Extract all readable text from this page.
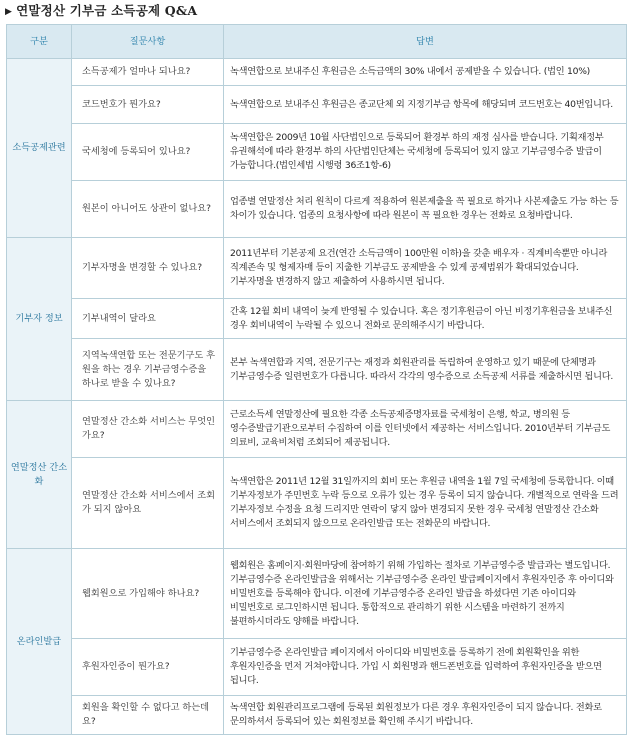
▶ 연말정산 기부금 소득공제 Q&A
구분	질문사항	답변
소득공제관련	소득공제가 얼마나 되나요?	녹색연합으로 보내주신 후원금은 소득금액의 30% 내에서 공제받을 수 있습니다. (법인 10%)
	코드번호가 뭔가요?	녹색연합으로 보내주신 후원금은 종교단체 외 지정기부금 항목에 해당되며 코드번호는 40번입니다.
	국세청에 등록되어 있나요?	녹색연합은 2009년 10월 사단법인으로 등록되어 환경부 하의 재정 심사를 받습니다. 기획재정부 유권해석에 따라 환경부 하의 사단법인단체는 국세청에 등록되어 있지 않고 기부금영수증 발급이 가능합니다.(법인세법 시행령 36조1항-6)
	원본이 아니어도 상관이 없나요?	업종별 연말정산 처리 원칙이 다르게 적용하여 원본제출을 꼭 필요로 하거나 사본제출도 가능 하는 등 차이가 있습니다. 업종의 요청사항에 따라 원본이 꼭 필요한 경우는 전화로 요청바랍니다.
기부자 정보	기부자명을 변경할 수 있나요?	2011년부터 기본공제 요건(연간 소득금액이 100만원 이하)을 갖춘 배우자 · 직계비속뿐만 아니라 직계존속 및 형제자매 등이 지출한 기부금도 공제받을 수 있게 공제범위가 확대되었습니다. 기부자명을 변경하지 않고 제출하여 사용하시면 됩니다.
	기부내역이 달라요	간혹 12월 회비 내역이 늦게 반영될 수 있습니다. 혹은 정기후원금이 아닌 비정기후원금을 보내주신 경우 회비내역이 누락될 수 있으니 전화로 문의해주시기 바랍니다.
	지역녹색연합 또는 전문기구도 후원을 하는 경우 기부금영수증을 하나로 받을 수 있나요?	본부 녹색연합과 지역, 전문기구는 재정과 회원관리를 독립하여 운영하고 있기 때문에 단체명과 기부금영수증 일련번호가 다릅니다. 따라서 각각의 영수증으로 소득공제 서류를 제출하시면 됩니다.
연말정산 간소화	연말정산 간소화 서비스는 무엇인가요?	근로소득세 연말정산에 필요한 각종 소득공제증명자료를 국세청이 은행, 학교, 병의원 등 영수증발급기관으로부터 수집하여 이를 인터넷에서 제공하는 서비스입니다. 2010년부터 기부금도 의료비, 교육비처럼 조회되어 제공됩니다.
	연말정산 간소화 서비스에서 조회가 되지 않아요	녹색연합은 2011년 12월 31일까지의 회비 또는 후원금 내역을 1월 7일 국세청에 등록합니다. 이때 기부자정보가 주민번호 누락 등으로 오류가 있는 경우 등록이 되지 않습니다. 개별적으로 연락을 드려 기부자정보 수정을 요청 드리지만 연락이 닿지 않아 변경되지 못한 경우 국세청 연말정산 간소화 서비스에서 조회되지 않으므로 온라인발급 또는 전화문의 바랍니다.
온라인발급	웹회원으로 가입해야 하나요?	웹회원은 홈페이지·회원마당에 참여하기 위해 가입하는 절차로 기부금영수증 발급과는 별도입니다. 기부금영수증 온라인발급을 위해서는 기부금영수증 온라인 발급페이지에서 후원자인증 후 아이디와 비밀번호를 등록해야 합니다. 이전에 기부금영수증 온라인 발급을 하셨다면 기존 아이디와 비밀번호로 로그인하시면 됩니다. 통합적으로 관리하기 위한 시스템을 마련하기 전까지 불편하시더라도 양해를 바랍니다.
	후원자인증이 뭔가요?	기부금영수증 온라인발급 페이지에서 아이디와 비밀번호를 등록하기 전에 회원확인을 위한 후원자인증을 먼저 거쳐야합니다. 가입 시 회원명과 핸드폰번호를 입력하여 후원자인증을 받으면 됩니다.
	회원을 확인할 수 없다고 하는데요?	녹색연합 회원관리프로그램에 등록된 회원정보가 다른 경우 후원자인증이 되지 않습니다. 전화로 문의하셔서 등록되어 있는 회원정보를 확인해 주시기 바랍니다.
